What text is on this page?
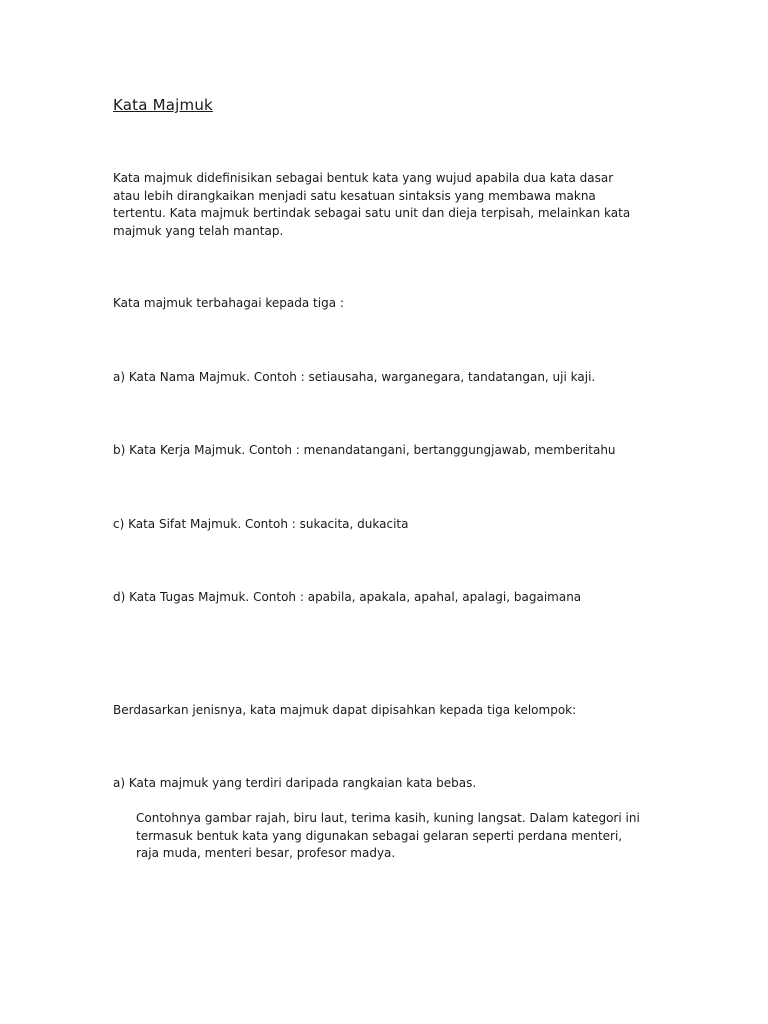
Kata Majmuk

Kata majmuk didefinisikan sebagai bentuk kata yang wujud apabila dua kata dasar
atau lebih dirangkaikan menjadi satu kesatuan sintaksis yang membawa makna
tertentu. Kata majmuk bertindak sebagai satu unit dan dieja terpisah, melainkan kata
majmuk yang telah mantap.

Kata majmuk terbahagai kepada tiga :

a) Kata Nama Majmuk. Contoh : setiausaha, warganegara, tandatangan, uji kaji.

b) Kata Kerja Majmuk. Contoh : menandatangani, bertanggungjawab, memberitahu

c) Kata Sifat Majmuk. Contoh : sukacita, dukacita

d) Kata Tugas Majmuk. Contoh : apabila, apakala, apahal, apalagi, bagaimana

Berdasarkan jenisnya, kata majmuk dapat dipisahkan kepada tiga kelompok:

a) Kata majmuk yang terdiri daripada rangkaian kata bebas.

Contohnya gambar rajah, biru laut, terima kasih, kuning langsat. Dalam kategori ini
termasuk bentuk kata yang digunakan sebagai gelaran seperti perdana menteri,
raja muda, menteri besar, profesor madya.
